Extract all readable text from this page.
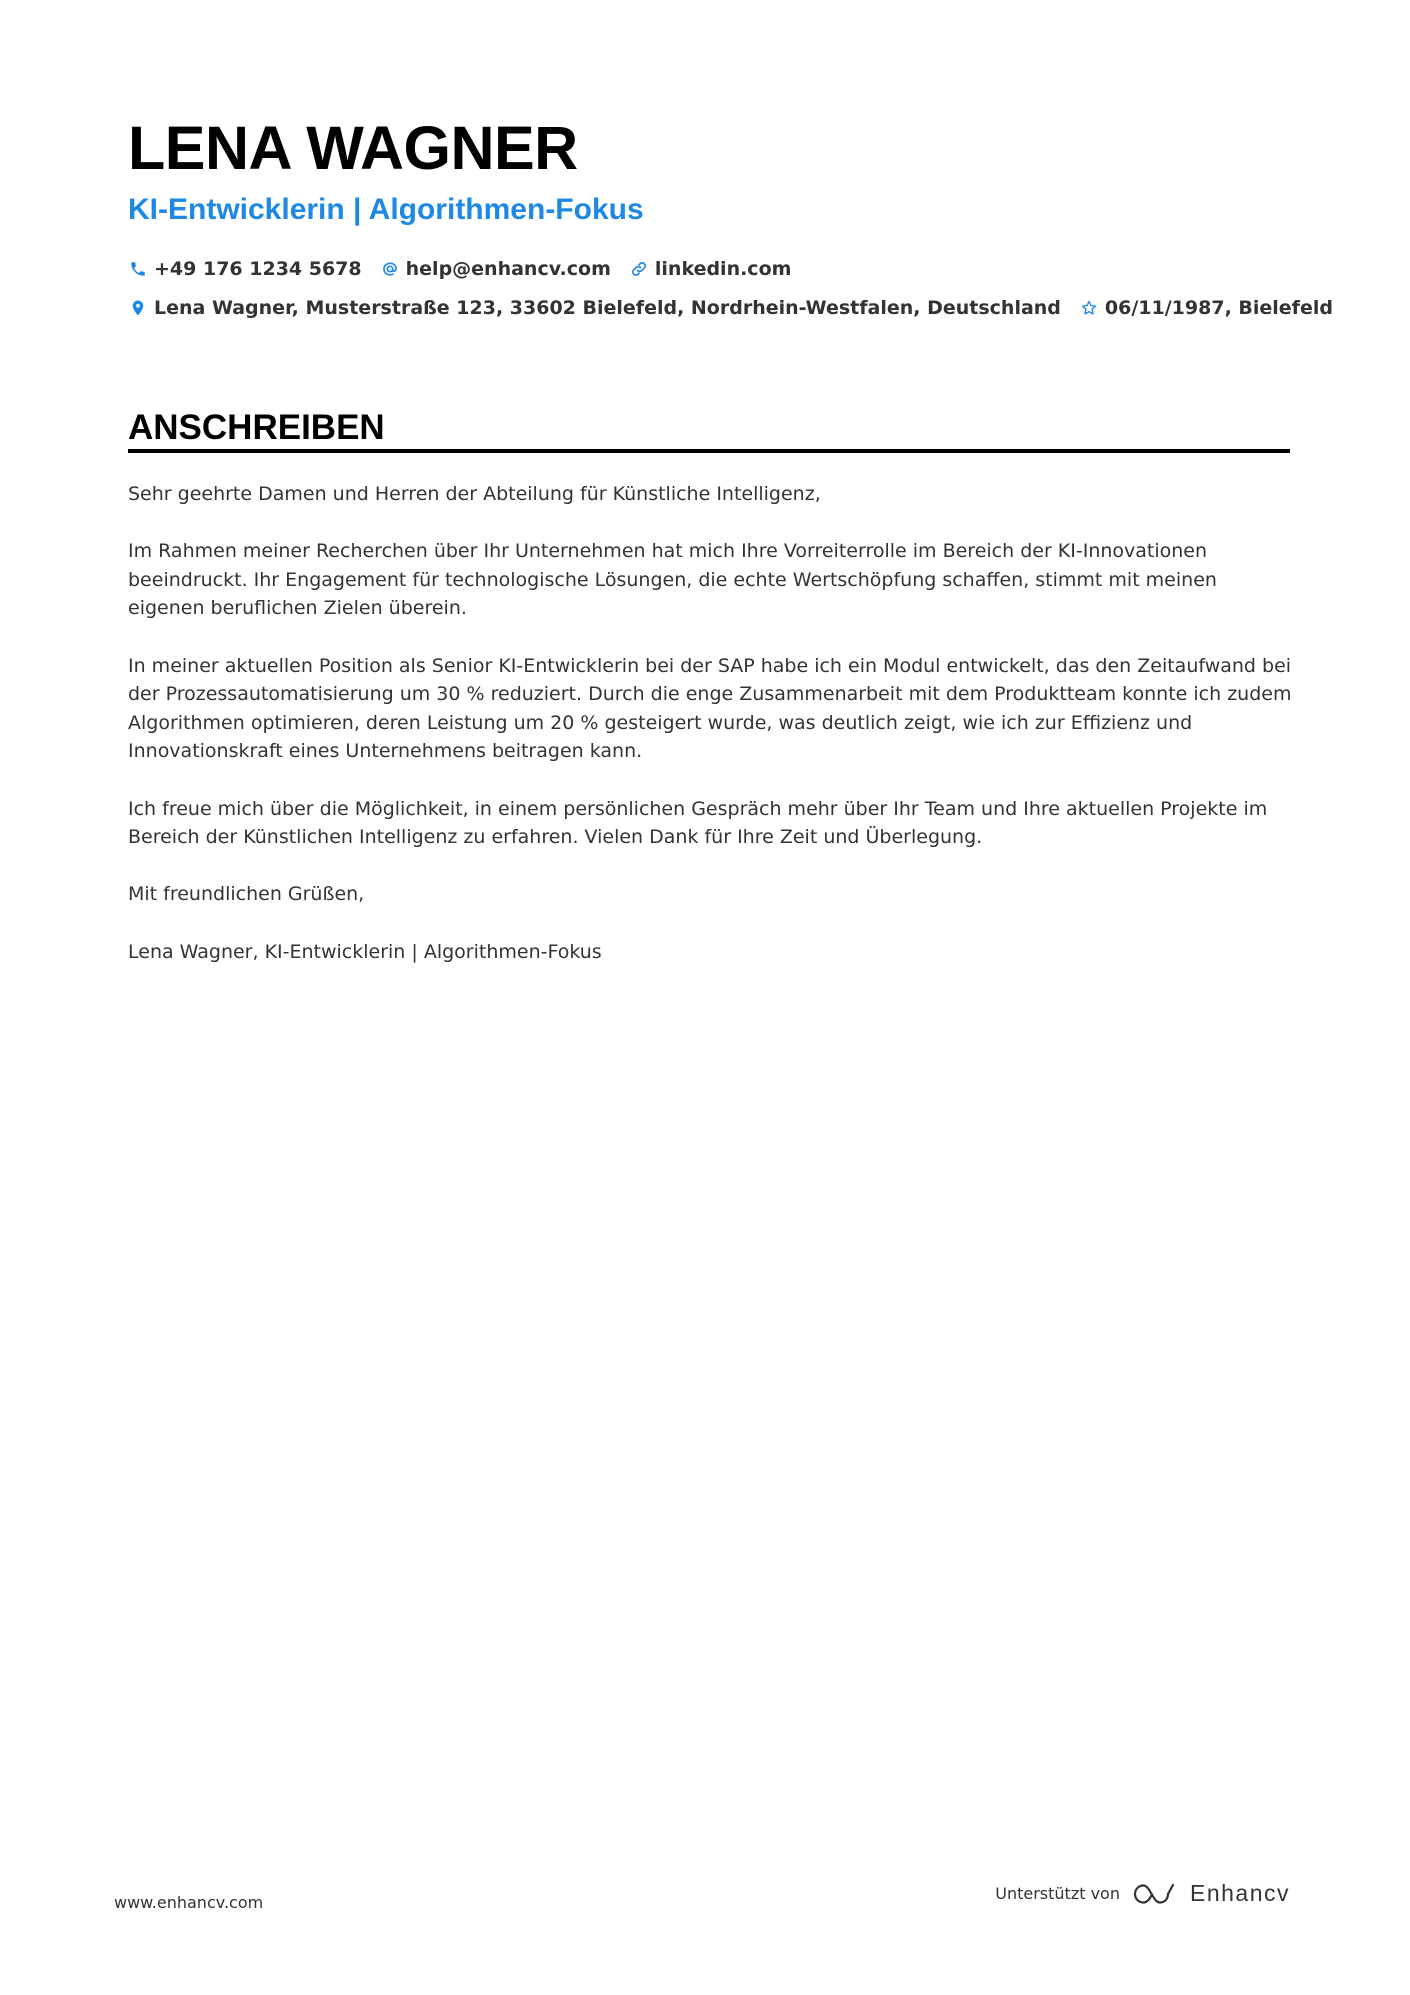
LENA WAGNER
KI-Entwicklerin | Algorithmen-Fokus
+49 176 1234 5678 help@enhancv.com linkedin.com
Lena Wagner, Musterstraße 123, 33602 Bielefeld, Nordrhein-Westfalen, Deutschland 06/11/1987, Bielefeld
ANSCHREIBEN

Sehr geehrte Damen und Herren der Abteilung für Künstliche Intelligenz,

Im Rahmen meiner Recherchen über Ihr Unternehmen hat mich Ihre Vorreiterrolle im Bereich der KI-Innovationen beeindruckt. Ihr Engagement für technologische Lösungen, die echte Wertschöpfung schaffen, stimmt mit meinen eigenen beruflichen Zielen überein.

In meiner aktuellen Position als Senior KI-Entwicklerin bei der SAP habe ich ein Modul entwickelt, das den Zeitaufwand bei der Prozessautomatisierung um 30 % reduziert. Durch die enge Zusammenarbeit mit dem Produktteam konnte ich zudem Algorithmen optimieren, deren Leistung um 20 % gesteigert wurde, was deutlich zeigt, wie ich zur Effizienz und Innovationskraft eines Unternehmens beitragen kann.

Ich freue mich über die Möglichkeit, in einem persönlichen Gespräch mehr über Ihr Team und Ihre aktuellen Projekte im Bereich der Künstlichen Intelligenz zu erfahren. Vielen Dank für Ihre Zeit und Überlegung.

Mit freundlichen Grüßen,

Lena Wagner, KI-Entwicklerin | Algorithmen-Fokus

www.enhancv.com	Unterstützt von	Enhancv
